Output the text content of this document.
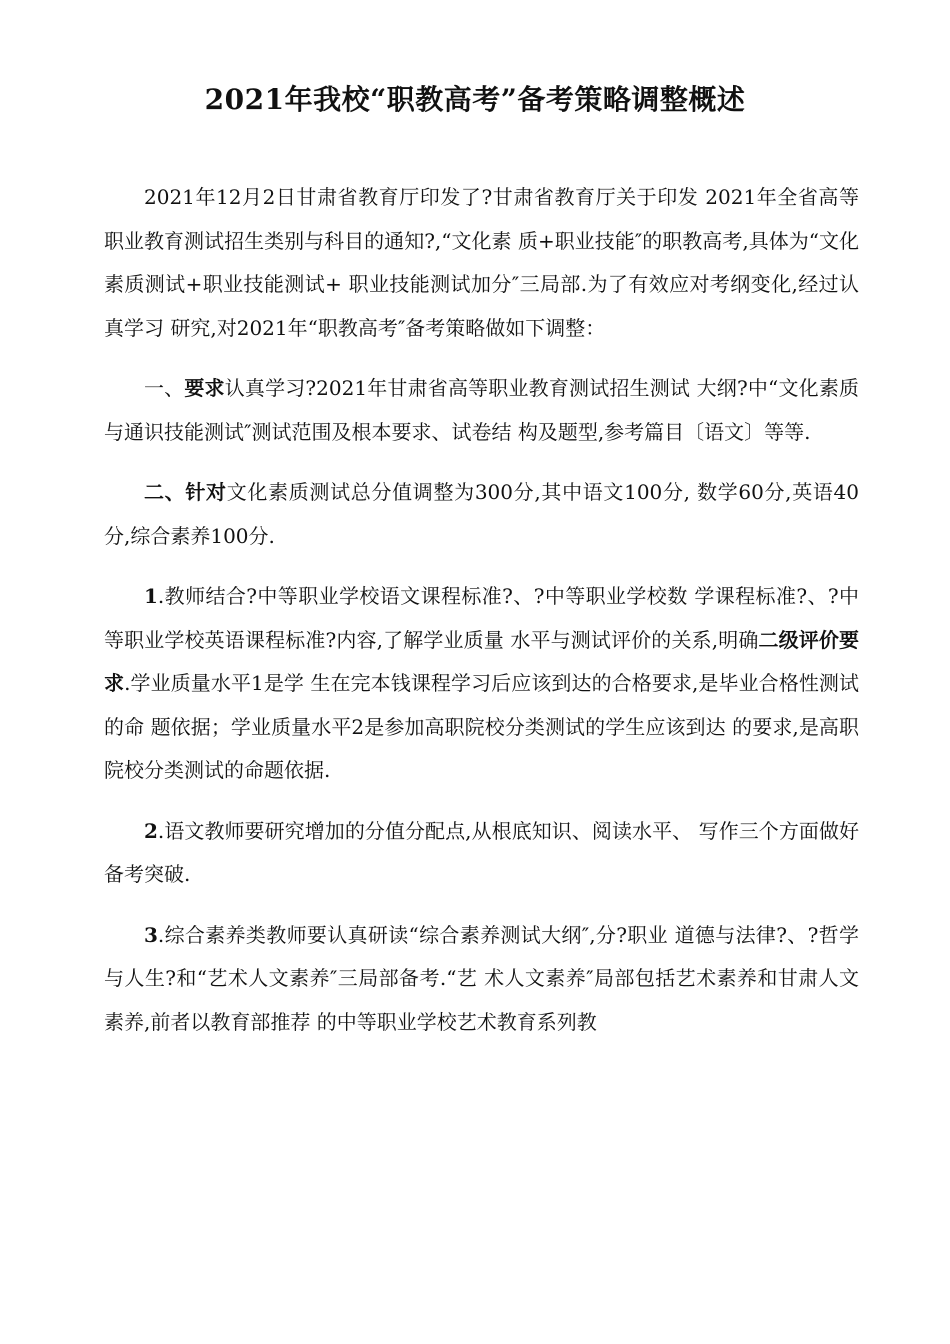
2021年我校“职教高考”备考策略调整概述

2021年12月2日甘肃省教育厅印发了?甘肃省教育厅关于印发 2021年全省高等职业教育测试招生类别与科目的通知?,“文化素 质+职业技能″的职教高考,具体为“文化素质测试+职业技能测试+ 职业技能测试加分″三局部.为了有效应对考纲变化,经过认真学习 研究,对2021年“职教高考″备考策略做如下调整：

一、要求认真学习?2021年甘肃省高等职业教育测试招生测试 大纲?中“文化素质与通识技能测试″测试范围及根本要求、试卷结 构及题型,参考篇目〔语文〕等等.

二、针对文化素质测试总分值调整为300分,其中语文100分, 数学60分,英语40分,综合素养100分.

1.教师结合?中等职业学校语文课程标准?、?中等职业学校数 学课程标准?、?中等职业学校英语课程标准?内容,了解学业质量 水平与测试评价的关系,明确二级评价要求.学业质量水平1是学 生在完本钱课程学习后应该到达的合格要求,是毕业合格性测试的命 题依据；学业质量水平2是参加高职院校分类测试的学生应该到达 的要求,是高职院校分类测试的命题依据.

2.语文教师要研究增加的分值分配点,从根底知识、阅读水平、 写作三个方面做好备考突破.

3.综合素养类教师要认真研读“综合素养测试大纲″,分?职业 道德与法律?、?哲学与人生?和“艺术人文素养″三局部备考.“艺 术人文素养″局部包括艺术素养和甘肃人文素养,前者以教育部推荐 的中等职业学校艺术教育系列教
